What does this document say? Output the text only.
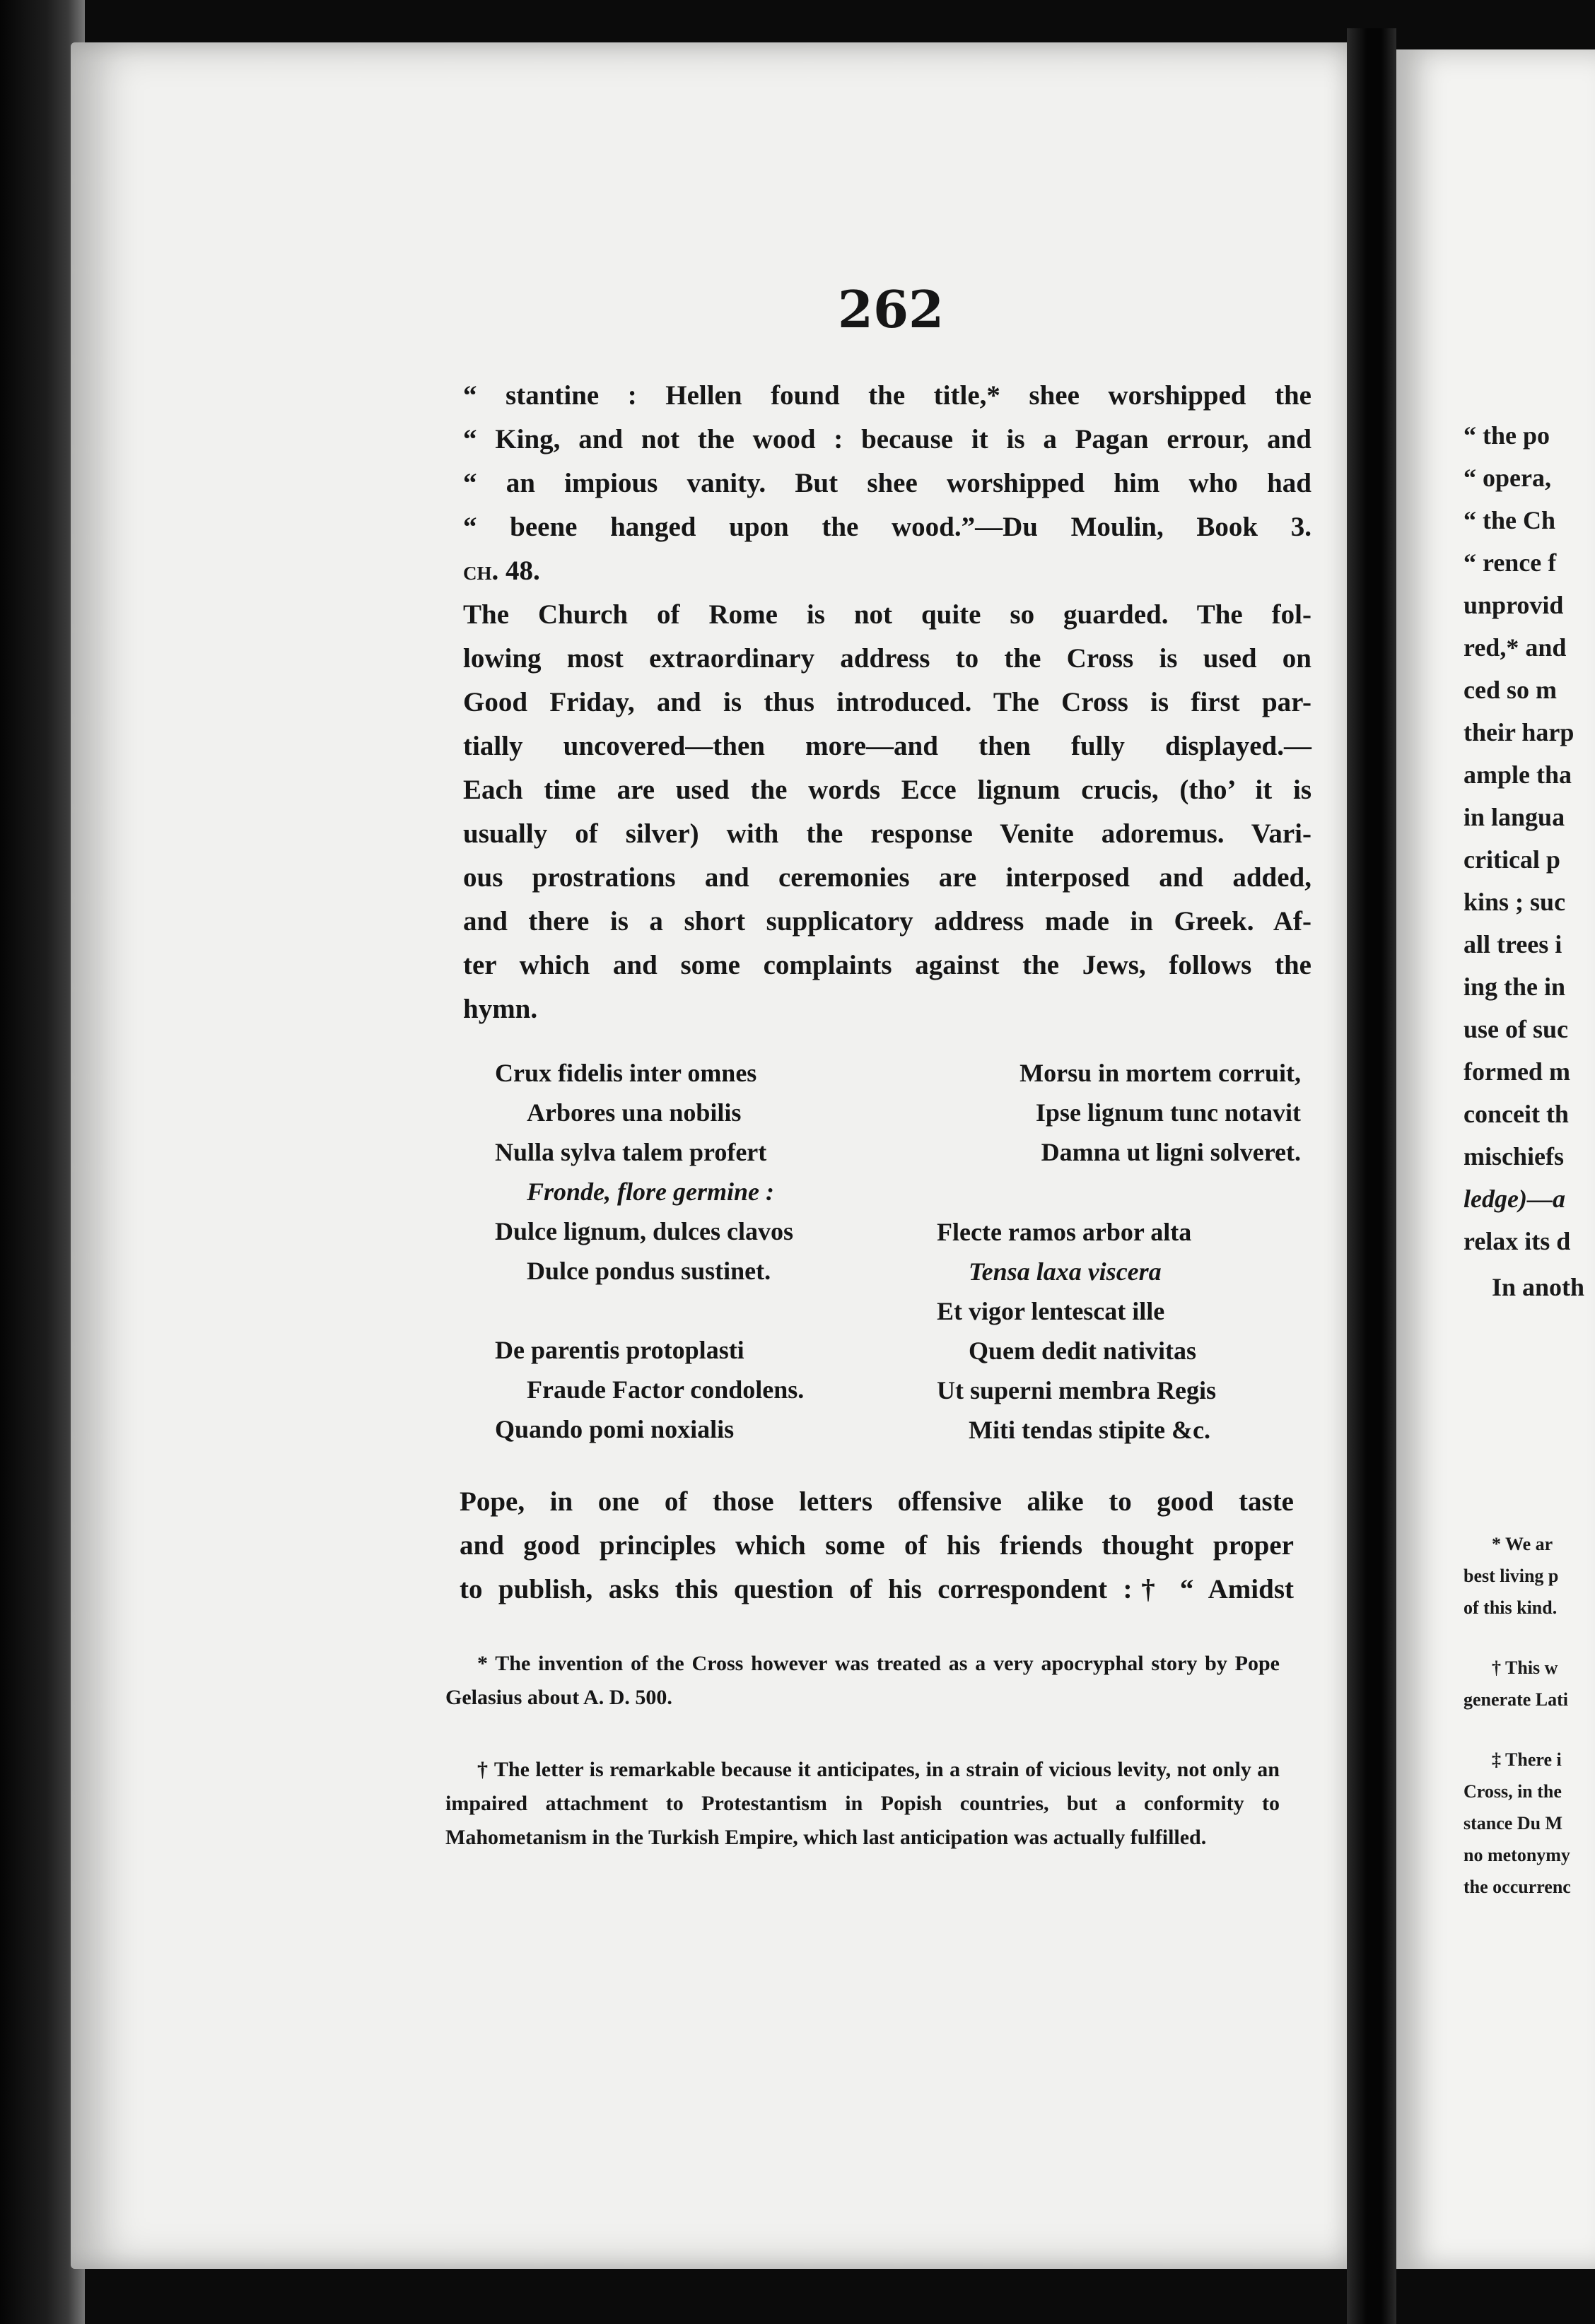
262

“ stantine : Hellen found the title,* shee worshipped the

“ King, and not the wood : because it is a Pagan errour, and

“ an impious vanity. But shee worshipped him who had

“ beene hanged upon the wood.”—Du Moulin, Book 3.

ch. 48.

The Church of Rome is not quite so guarded. The fol-

lowing most extraordinary address to the Cross is used on

Good Friday, and is thus introduced. The Cross is first par-

tially uncovered—then more—and then fully displayed.—

Each time are used the words Ecce lignum crucis, (tho’ it is

usually of silver) with the response Venite adoremus. Vari-

ous prostrations and ceremonies are interposed and added,

and there is a short supplicatory address made in Greek. Af-

ter which and some complaints against the Jews, follows the

hymn.

Crux fidelis inter omnes
Arbores una nobilis
Nulla sylva talem profert
Fronde, flore germine :
Dulce lignum, dulces clavos
Dulce pondus sustinet.
De parentis protoplasti
Fraude Factor condolens.
Quando pomi noxialis
Morsu in mortem corruit,
Ipse lignum tunc notavit
Damna ut ligni solveret.
Flecte ramos arbor alta
Tensa laxa viscera
Et vigor lentescat ille
Quem dedit nativitas
Ut superni membra Regis
Miti tendas stipite &c.

Pope, in one of those letters offensive alike to good taste

and good principles which some of his friends thought proper

to publish, asks this question of his correspondent :† “ Amidst

* The invention of the Cross however was treated as a very apocryphal story by Pope Gelasius about A. D. 500.

† The letter is remarkable because it anticipates, in a strain of vicious levity, not only an impaired attachment to Protestantism in Popish countries, but a conformity to Mahometanism in the Turkish Empire, which last anticipation was actually fulfilled.

“ the po
“ opera,
“ the Ch
“ rence f
unprovid
red,* and
ced so m
their harp
ample tha
in langua
critical p
kins ; suc
all trees i
ing the in
use of suc
formed m
conceit th
mischiefs
ledge)—a
relax its d
In anoth
* We ar
best living p
of this kind.
† This w
generate Lati
‡ There i
Cross, in the
stance Du M
no metonymy
the occurrenc
